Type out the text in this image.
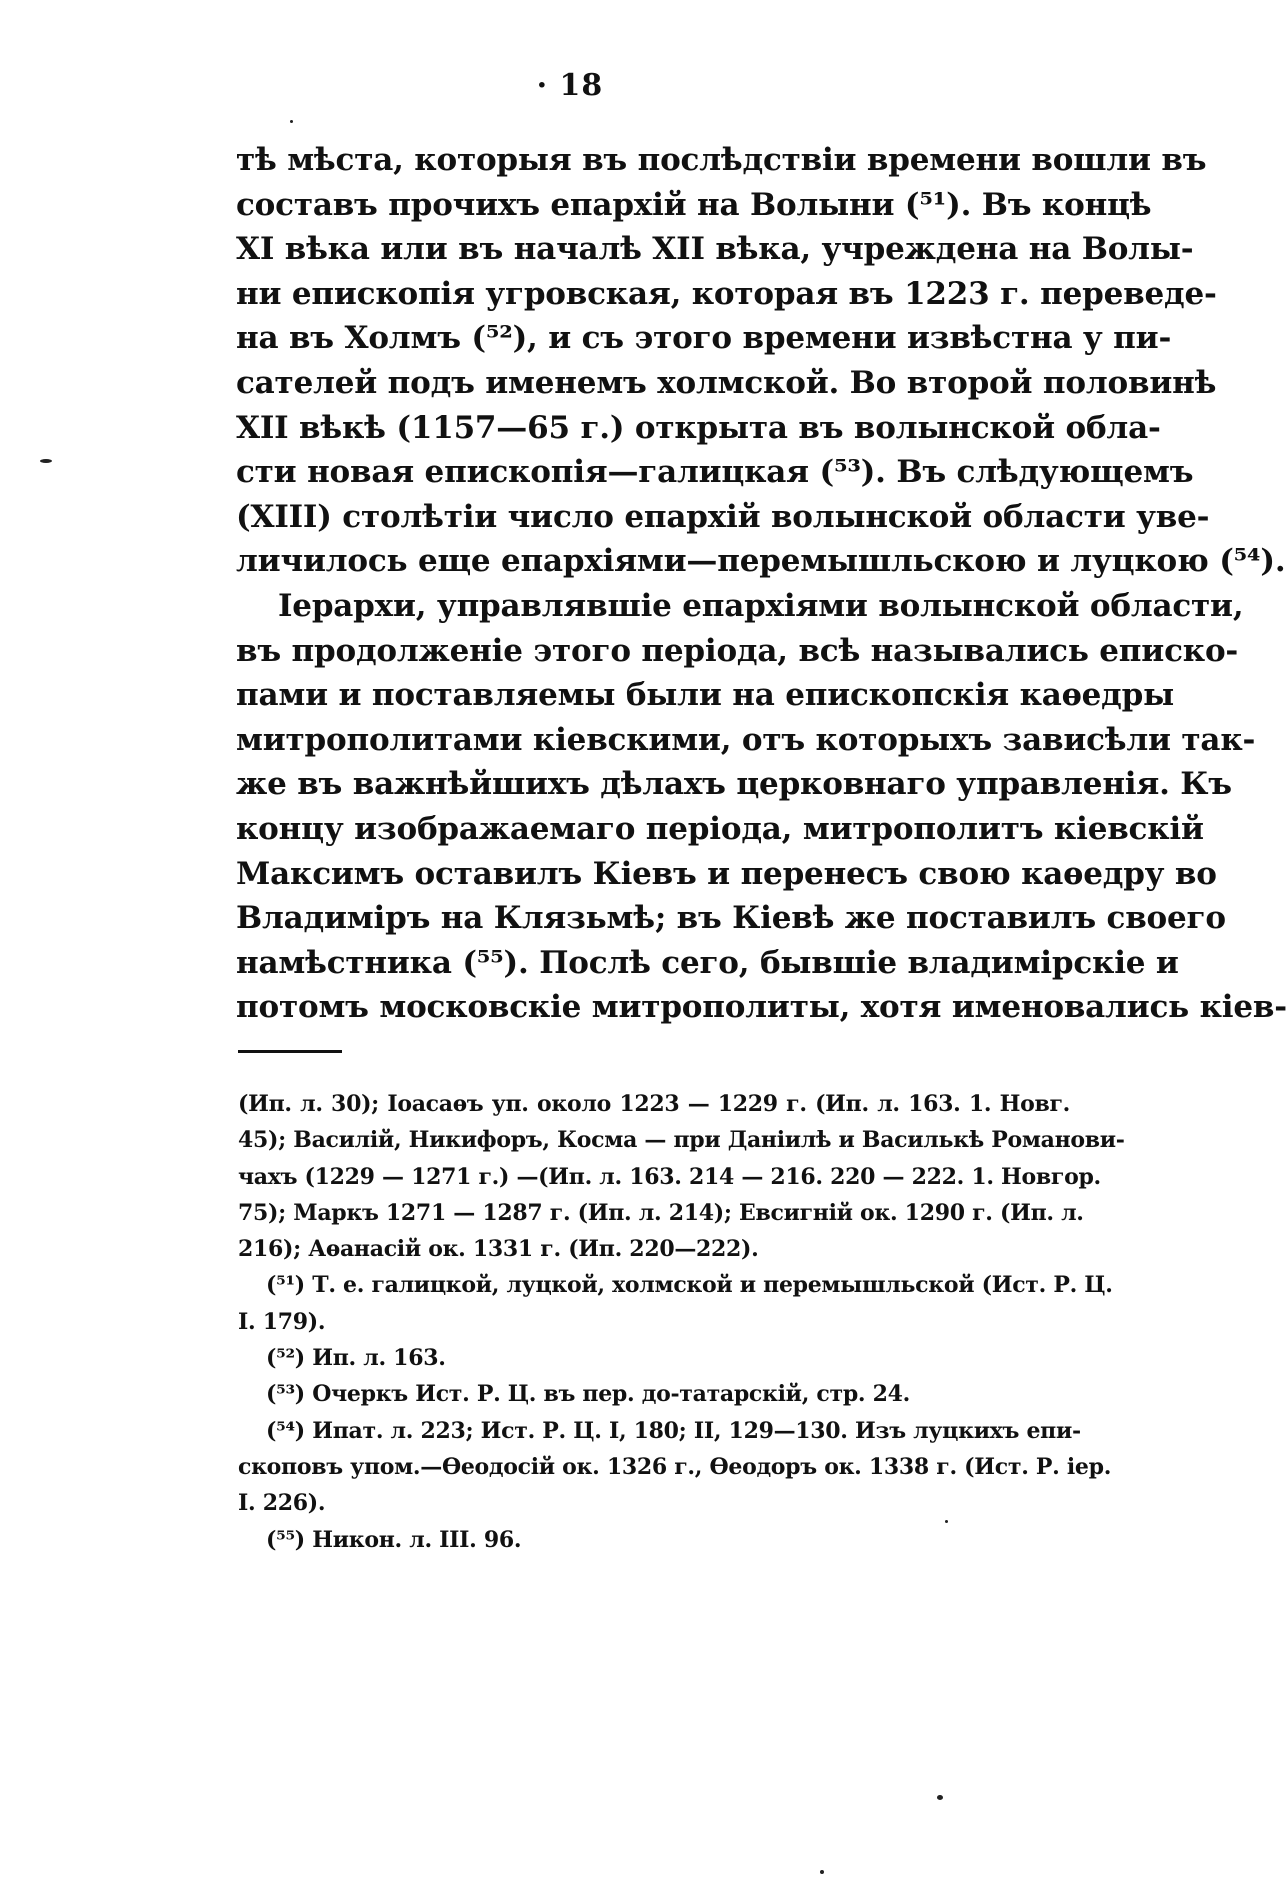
· 18
тѣ мѣста, которыя въ послѣдствіи времени вошли въ
составъ прочихъ епархій на Волыни (⁵¹). Въ концѣ
XI вѣка или въ началѣ XII вѣка, учреждена на Волы-
ни епископія угровская, которая въ 1223 г. переведе-
на въ Холмъ (⁵²), и съ этого времени извѣстна у пи-
сателей подъ именемъ холмской. Во второй половинѣ
XII вѣкѣ (1157—65 г.) открыта въ волынской обла-
сти новая епископія—галицкая (⁵³). Въ слѣдующемъ
(XIII) столѣтіи число епархій волынской области уве-
личилось еще епархіями—перемышльскою и луцкою (⁵⁴).
Іерархи, управлявшіе епархіями волынской области,
въ продолженіе этого періода, всѣ назывались еписко-
пами и поставляемы были на епископскія каѳедры
митрополитами кіевскими, отъ которыхъ зависѣли так-
же въ важнѣйшихъ дѣлахъ церковнаго управленія. Къ
концу изображаемаго періода, митрополитъ кіевскій
Максимъ оставилъ Кіевъ и перенесъ свою каѳедру во
Владиміръ на Клязьмѣ; въ Кіевѣ же поставилъ своего
намѣстника (⁵⁵). Послѣ сего, бывшіе владимірскіе и
потомъ московскіе митрополиты, хотя именовались кіев-
(Ип. л. 30); Іоасаѳъ уп. около 1223 — 1229 г. (Ип. л. 163. 1. Новг.
45); Василій, Никифоръ, Косма — при Даніилѣ и Василькѣ Романови-
чахъ (1229 — 1271 г.) —(Ип. л. 163. 214 — 216. 220 — 222. 1. Новгор.
75); Маркъ 1271 — 1287 г. (Ип. л. 214); Евсигній ок. 1290 г. (Ип. л.
216); Аѳанасій ок. 1331 г. (Ип. 220—222).
(⁵¹) Т. е. галицкой, луцкой, холмской и перемышльской (Ист. Р. Ц.
I. 179).
(⁵²) Ип. л. 163.
(⁵³) Очеркъ Ист. Р. Ц. въ пер. до-татарскій, стр. 24.
(⁵⁴) Ипат. л. 223; Ист. Р. Ц. I, 180; II, 129—130. Изъ луцкихъ епи-
скоповъ упом.—Ѳеодосій ок. 1326 г., Ѳеодоръ ок. 1338 г. (Ист. Р. іер.
I. 226).
(⁵⁵) Никон. л. III. 96.
